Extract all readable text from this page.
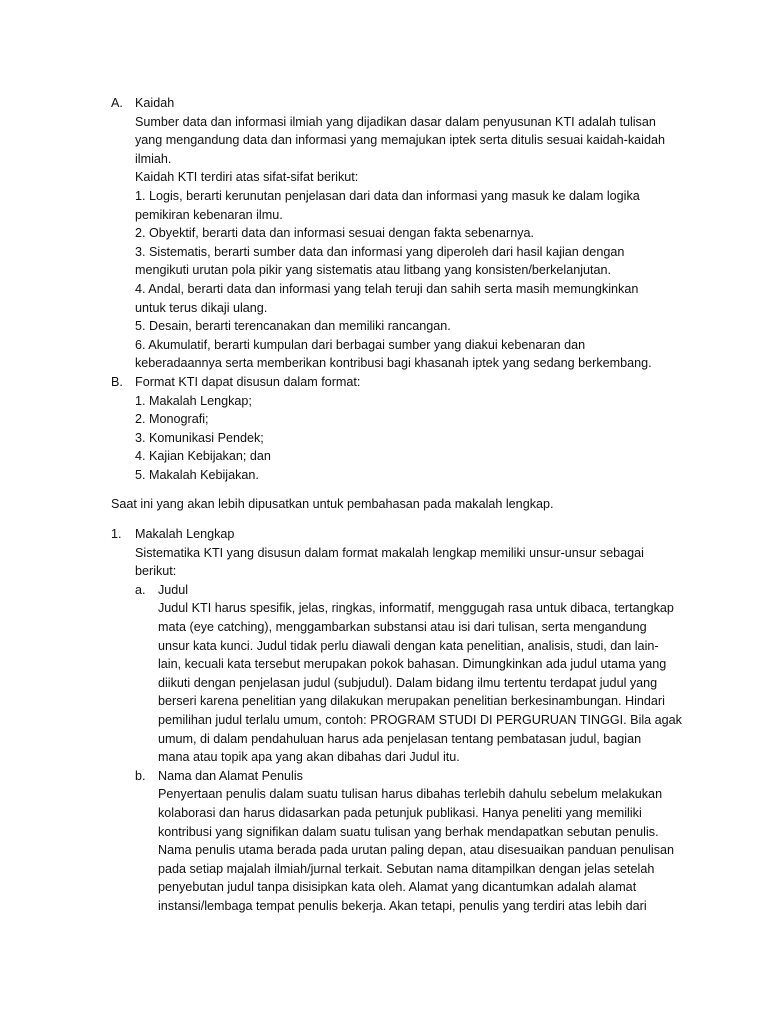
A. Kaidah
Sumber data dan informasi ilmiah yang dijadikan dasar dalam penyusunan KTI adalah tulisan
yang mengandung data dan informasi yang memajukan iptek serta ditulis sesuai kaidah-kaidah
ilmiah.
Kaidah KTI terdiri atas sifat-sifat berikut:
1. Logis, berarti kerunutan penjelasan dari data dan informasi yang masuk ke dalam logika
pemikiran kebenaran ilmu.
2. Obyektif, berarti data dan informasi sesuai dengan fakta sebenarnya.
3. Sistematis, berarti sumber data dan informasi yang diperoleh dari hasil kajian dengan
mengikuti urutan pola pikir yang sistematis atau litbang yang konsisten/berkelanjutan.
4. Andal, berarti data dan informasi yang telah teruji dan sahih serta masih memungkinkan
untuk terus dikaji ulang.
5. Desain, berarti terencanakan dan memiliki rancangan.
6. Akumulatif, berarti kumpulan dari berbagai sumber yang diakui kebenaran dan
keberadaannya serta memberikan kontribusi bagi khasanah iptek yang sedang berkembang.
B. Format KTI dapat disusun dalam format:
1. Makalah Lengkap;
2. Monografi;
3. Komunikasi Pendek;
4. Kajian Kebijakan; dan
5. Makalah Kebijakan.
Saat ini yang akan lebih dipusatkan untuk pembahasan pada makalah lengkap.
1. Makalah Lengkap
Sistematika KTI yang disusun dalam format makalah lengkap memiliki unsur-unsur sebagai
berikut:
a. Judul
Judul KTI harus spesifik, jelas, ringkas, informatif, menggugah rasa untuk dibaca, tertangkap
mata (eye catching), menggambarkan substansi atau isi dari tulisan, serta mengandung
unsur kata kunci. Judul tidak perlu diawali dengan kata penelitian, analisis, studi, dan lain-
lain, kecuali kata tersebut merupakan pokok bahasan. Dimungkinkan ada judul utama yang
diikuti dengan penjelasan judul (subjudul). Dalam bidang ilmu tertentu terdapat judul yang
berseri karena penelitian yang dilakukan merupakan penelitian berkesinambungan. Hindari
pemilihan judul terlalu umum, contoh: PROGRAM STUDI DI PERGURUAN TINGGI. Bila agak
umum, di dalam pendahuluan harus ada penjelasan tentang pembatasan judul, bagian
mana atau topik apa yang akan dibahas dari Judul itu.
b. Nama dan Alamat Penulis
Penyertaan penulis dalam suatu tulisan harus dibahas terlebih dahulu sebelum melakukan
kolaborasi dan harus didasarkan pada petunjuk publikasi. Hanya peneliti yang memiliki
kontribusi yang signifikan dalam suatu tulisan yang berhak mendapatkan sebutan penulis.
Nama penulis utama berada pada urutan paling depan, atau disesuaikan panduan penulisan
pada setiap majalah ilmiah/jurnal terkait. Sebutan nama ditampilkan dengan jelas setelah
penyebutan judul tanpa disisipkan kata oleh. Alamat yang dicantumkan adalah alamat
instansi/lembaga tempat penulis bekerja. Akan tetapi, penulis yang terdiri atas lebih dari
